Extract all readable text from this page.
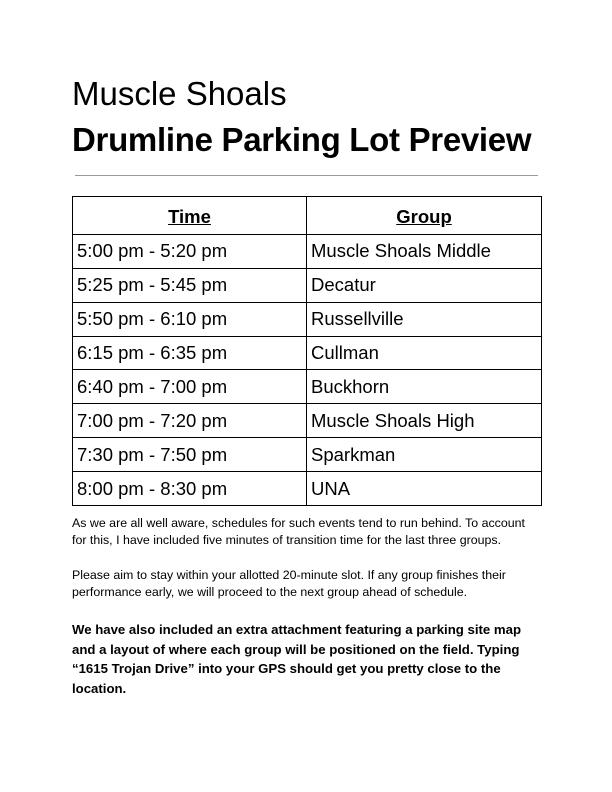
Muscle Shoals
Drumline Parking Lot Preview
Time	Group
5:00 pm - 5:20 pm	Muscle Shoals Middle
5:25 pm - 5:45 pm	Decatur
5:50 pm - 6:10 pm	Russellville
6:15 pm - 6:35 pm	Cullman
6:40 pm - 7:00 pm	Buckhorn
7:00 pm - 7:20 pm	Muscle Shoals High
7:30 pm - 7:50 pm	Sparkman
8:00 pm - 8:30 pm	UNA

As we are all well aware, schedules for such events tend to run behind. To account for this, I have included five minutes of transition time for the last three groups.

Please aim to stay within your allotted 20-minute slot. If any group finishes their performance early, we will proceed to the next group ahead of schedule.

We have also included an extra attachment featuring a parking site map and a layout of where each group will be positioned on the field. Typing “1615 Trojan Drive” into your GPS should get you pretty close to the location.
